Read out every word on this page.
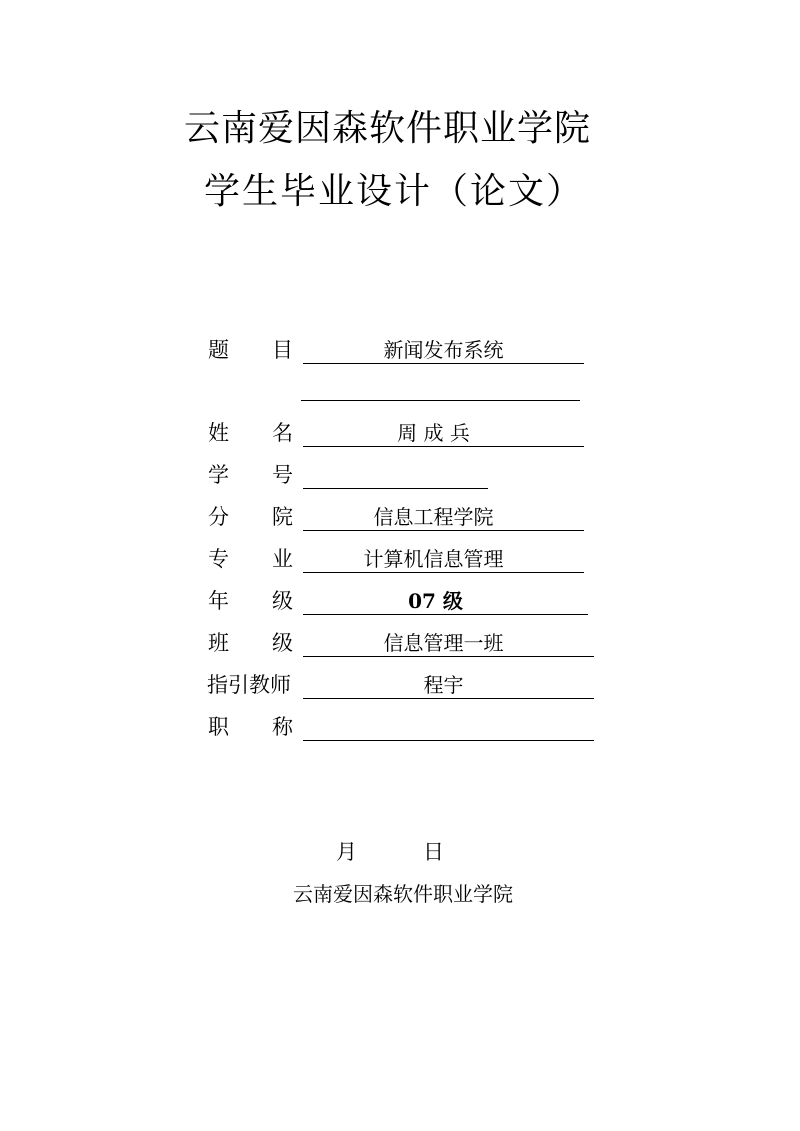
云南爱因森软件职业学院
学生毕业设计（论文）
题 目	新闻发布系统
姓 名	周 成 兵
学 号
分 院	信息工程学院
专 业	计算机信息管理
年 级	07 级
班 级	信息管理一班
指引教师	程宇
职 称
月	日
云南爱因森软件职业学院
